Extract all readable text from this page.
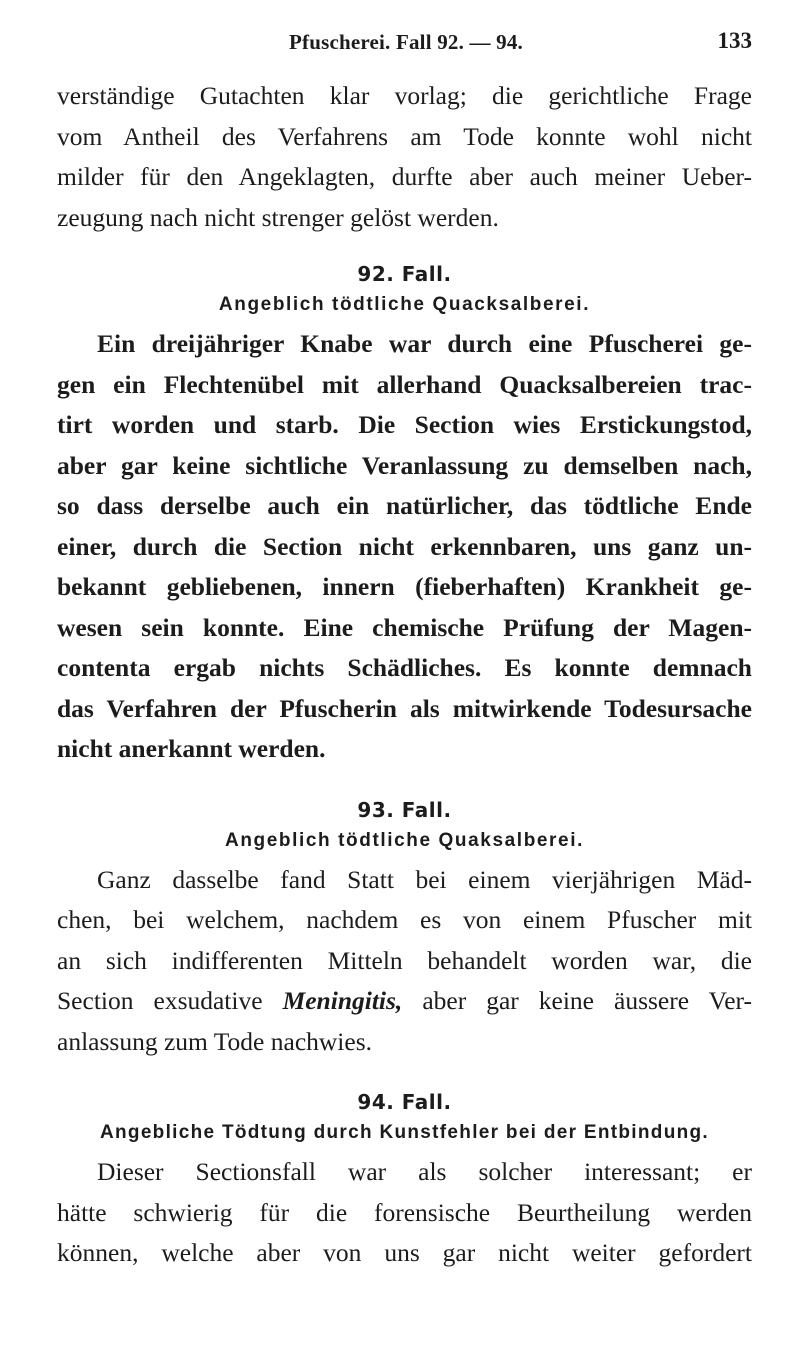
Pfuscherei. Fall 92. — 94.	133

verständige Gutachten klar vorlag; die gerichtliche Frage
vom Antheil des Verfahrens am Tode konnte wohl nicht
milder für den Angeklagten, durfte aber auch meiner Ueber-
zeugung nach nicht strenger gelöst werden.

92. Fall.
Angeblich tödtliche Quacksalberei.

Ein dreijähriger Knabe war durch eine Pfuscherei ge-
gen ein Flechtenübel mit allerhand Quacksalbereien trac-
tirt worden und starb. Die Section wies Erstickungstod,
aber gar keine sichtliche Veranlassung zu demselben nach,
so dass derselbe auch ein natürlicher, das tödtliche Ende
einer, durch die Section nicht erkennbaren, uns ganz un-
bekannt gebliebenen, innern (fieberhaften) Krankheit ge-
wesen sein konnte. Eine chemische Prüfung der Magen-
contenta ergab nichts Schädliches. Es konnte demnach
das Verfahren der Pfuscherin als mitwirkende Todesursache
nicht anerkannt werden.

93. Fall.
Angeblich tödtliche Quaksalberei.

Ganz dasselbe fand Statt bei einem vierjährigen Mäd-
chen, bei welchem, nachdem es von einem Pfuscher mit
an sich indifferenten Mitteln behandelt worden war, die
Section exsudative Meningitis, aber gar keine äussere Ver-
anlassung zum Tode nachwies.

94. Fall.
Angebliche Tödtung durch Kunstfehler bei der Entbindung.

Dieser Sectionsfall war als solcher interessant; er
hätte schwierig für die forensische Beurtheilung werden
können, welche aber von uns gar nicht weiter gefordert
